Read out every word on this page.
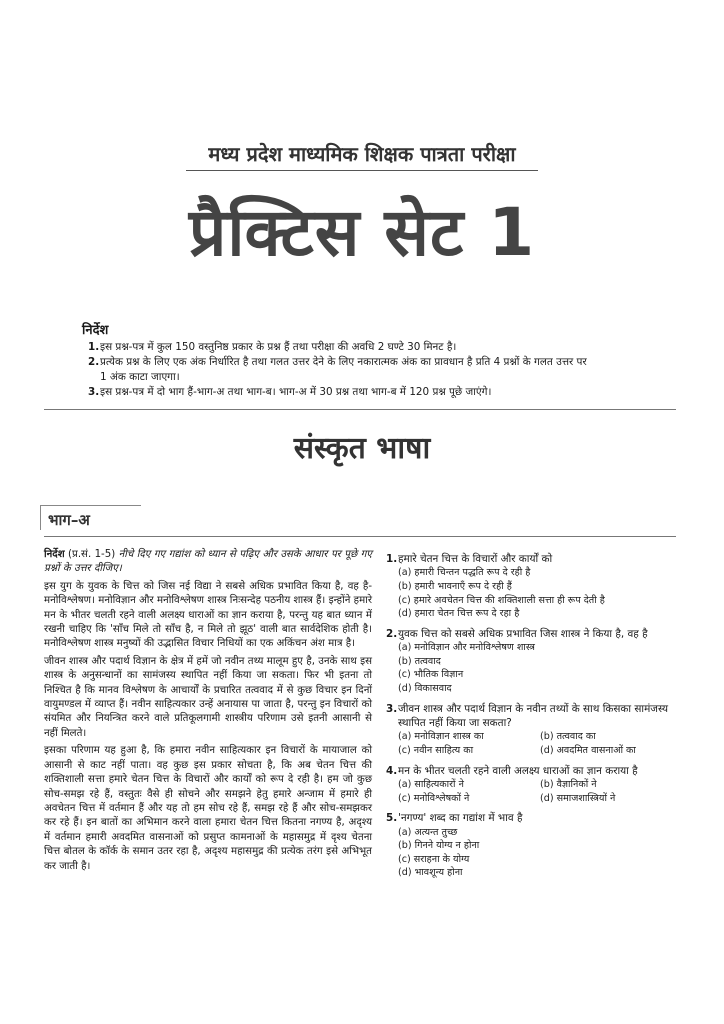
मध्य प्रदेश माध्यमिक शिक्षक पात्रता परीक्षा
प्रैक्टिस सेट 1
निर्देश
1. इस प्रश्न-पत्र में कुल 150 वस्तुनिष्ठ प्रकार के प्रश्न हैं तथा परीक्षा की अवधि 2 घण्टे 30 मिनट है।
2. प्रत्येक प्रश्न के लिए एक अंक निर्धारित है तथा गलत उत्तर देने के लिए नकारात्मक अंक का प्रावधान है प्रति 4 प्रश्नों के गलत उत्तर पर 1 अंक काटा जाएगा।
3. इस प्रश्न-पत्र में दो भाग हैं-भाग-अ तथा भाग-ब। भाग-अ में 30 प्रश्न तथा भाग-ब में 120 प्रश्न पूछे जाएंगे।
संस्कृत भाषा
भाग–अ

निर्देश (प्र.सं. 1-5) नीचे दिए गए गद्यांश को ध्यान से पढ़िए और उसके आधार पर पूछे गए प्रश्नों के उत्तर दीजिए।

इस युग के युवक के चित्त को जिस नई विद्या ने सबसे अधिक प्रभावित किया है, वह है-मनोविश्लेषण। मनोविज्ञान और मनोविश्लेषण शास्त्र निःसन्देह पठनीय शास्त्र हैं। इन्होंने हमारे मन के भीतर चलती रहने वाली अलक्ष्य धाराओं का ज्ञान कराया है, परन्तु यह बात ध्यान में रखनी चाहिए कि 'साँच मिले तो साँच है, न मिले तो झूठ' वाली बात सार्वदेशिक होती है। मनोविश्लेषण शास्त्र मनुष्यों की उद्भासित विचार निधियों का एक अकिंचन अंश मात्र है।

जीवन शास्त्र और पदार्थ विज्ञान के क्षेत्र में हमें जो नवीन तथ्य मालूम हुए है, उनके साथ इस शास्त्र के अनुसन्धानों का सामंजस्य स्थापित नहीं किया जा सकता। फिर भी इतना तो निश्चित है कि मानव विश्लेषण के आचार्यों के प्रचारित तत्ववाद में से कुछ विचार इन दिनों वायुमण्डल में व्याप्त हैं। नवीन साहित्यकार उन्हें अनायास पा जाता है, परन्तु इन विचारों को संयमित और नियन्त्रित करने वाले प्रतिकूलगामी शास्त्रीय परिणाम उसे इतनी आसानी से नहीं मिलते।

इसका परिणाम यह हुआ है, कि हमारा नवीन साहित्यकार इन विचारों के मायाजाल को आसानी से काट नहीं पाता। वह कुछ इस प्रकार सोचता है, कि अब चेतन चित्त की शक्तिशाली सत्ता हमारे चेतन चित्त के विचारों और कार्यों को रूप दे रही है। हम जो कुछ सोच-समझ रहे हैं, वस्तुतः वैसे ही सोचने और समझने हेतु हमारे अन्जाम में हमारे ही अवचेतन चित्त में वर्तमान हैं और यह तो हम सोच रहे हैं, समझ रहे हैं और सोच-समझकर कर रहे हैं। इन बातों का अभिमान करने वाला हमारा चेतन चित्त कितना नगण्य है, अदृश्य में वर्तमान हमारी अवदमित वासनाओं को प्रसुप्त कामनाओं के महासमुद्र में दृश्य चेतना चित्त बोतल के कॉर्क के समान उतर रहा है, अदृश्य महासमुद्र की प्रत्येक तरंग इसे अभिभूत कर जाती है।

1. हमारे चेतन चित्त के विचारों और कार्यों को
(a) हमारी चिन्तन पद्धति रूप दे रही है
(b) हमारी भावनाएँ रूप दे रही हैं
(c) हमारे अवचेतन चित्त की शक्तिशाली सत्ता ही रूप देती है
(d) हमारा चेतन चित्त रूप दे रहा है
2. युवक चित्त को सबसे अधिक प्रभावित जिस शास्त्र ने किया है, वह है
(a) मनोविज्ञान और मनोविश्लेषण शास्त्र
(b) तत्ववाद
(c) भौतिक विज्ञान
(d) विकासवाद
3. जीवन शास्त्र और पदार्थ विज्ञान के नवीन तथ्यों के साथ किसका सामंजस्य स्थापित नहीं किया जा सकता?
(a) मनोविज्ञान शास्त्र का	(b) तत्ववाद का
(c) नवीन साहित्य का	(d) अवदमित वासनाओं का
4. मन के भीतर चलती रहने वाली अलक्ष्य धाराओं का ज्ञान कराया है
(a) साहित्यकारों ने	(b) वैज्ञानिकों ने
(c) मनोविश्लेषकों ने	(d) समाजशास्त्रियों ने
5. 'नगण्य' शब्द का गद्यांश में भाव है
(a) अत्यन्त तुच्छ
(b) गिनने योग्य न होना
(c) सराहना के योग्य
(d) भावशून्य होना
